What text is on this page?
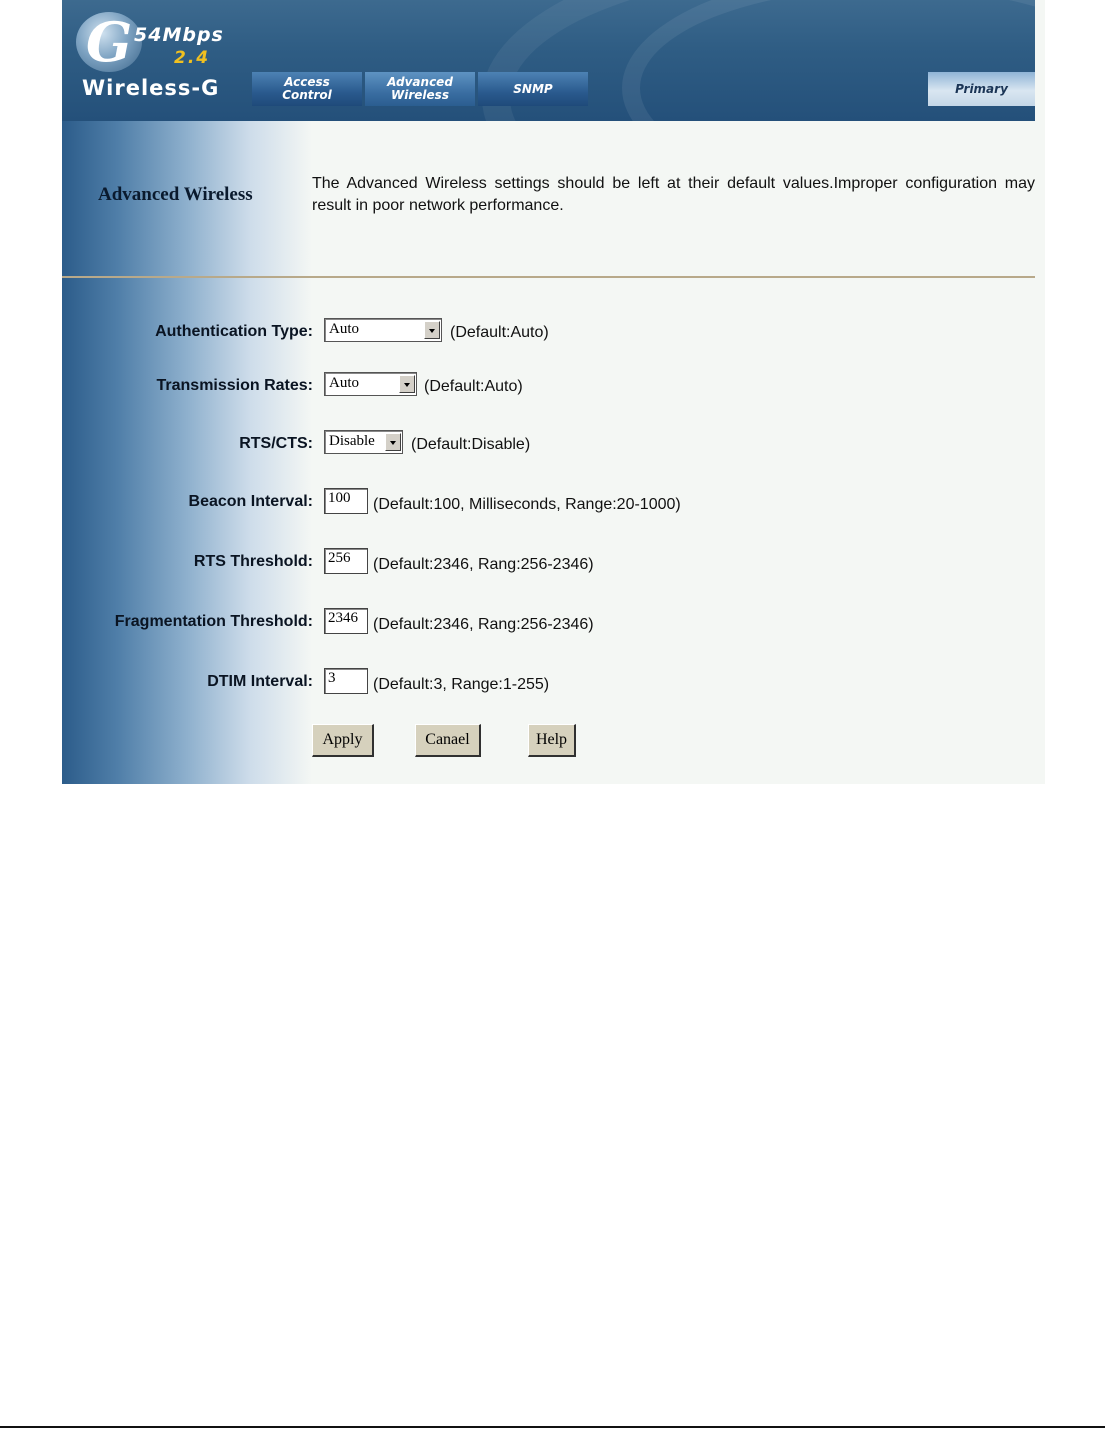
G 54Mbps
2.4
Wireless-G	Access
Control
Advanced
Wireless	SNMP	Primary
Advanced Wireless
The Advanced Wireless settings should be left at their default values.Improper configuration may result in poor network performance.
Authentication Type: Auto	(Default:Auto)
Transmission Rates: Auto	(Default:Auto)
RTS/CTS: Disable (Default:Disable)
Beacon Interval: 100	(Default:100, Milliseconds, Range:20-1000)
RTS Threshold: 256	(Default:2346, Rang:256-2346)
Fragmentation Threshold: 2346 (Default:2346, Rang:256-2346)
DTIM Interval: 3	(Default:3, Range:1-255)
Apply	Canael	Help
